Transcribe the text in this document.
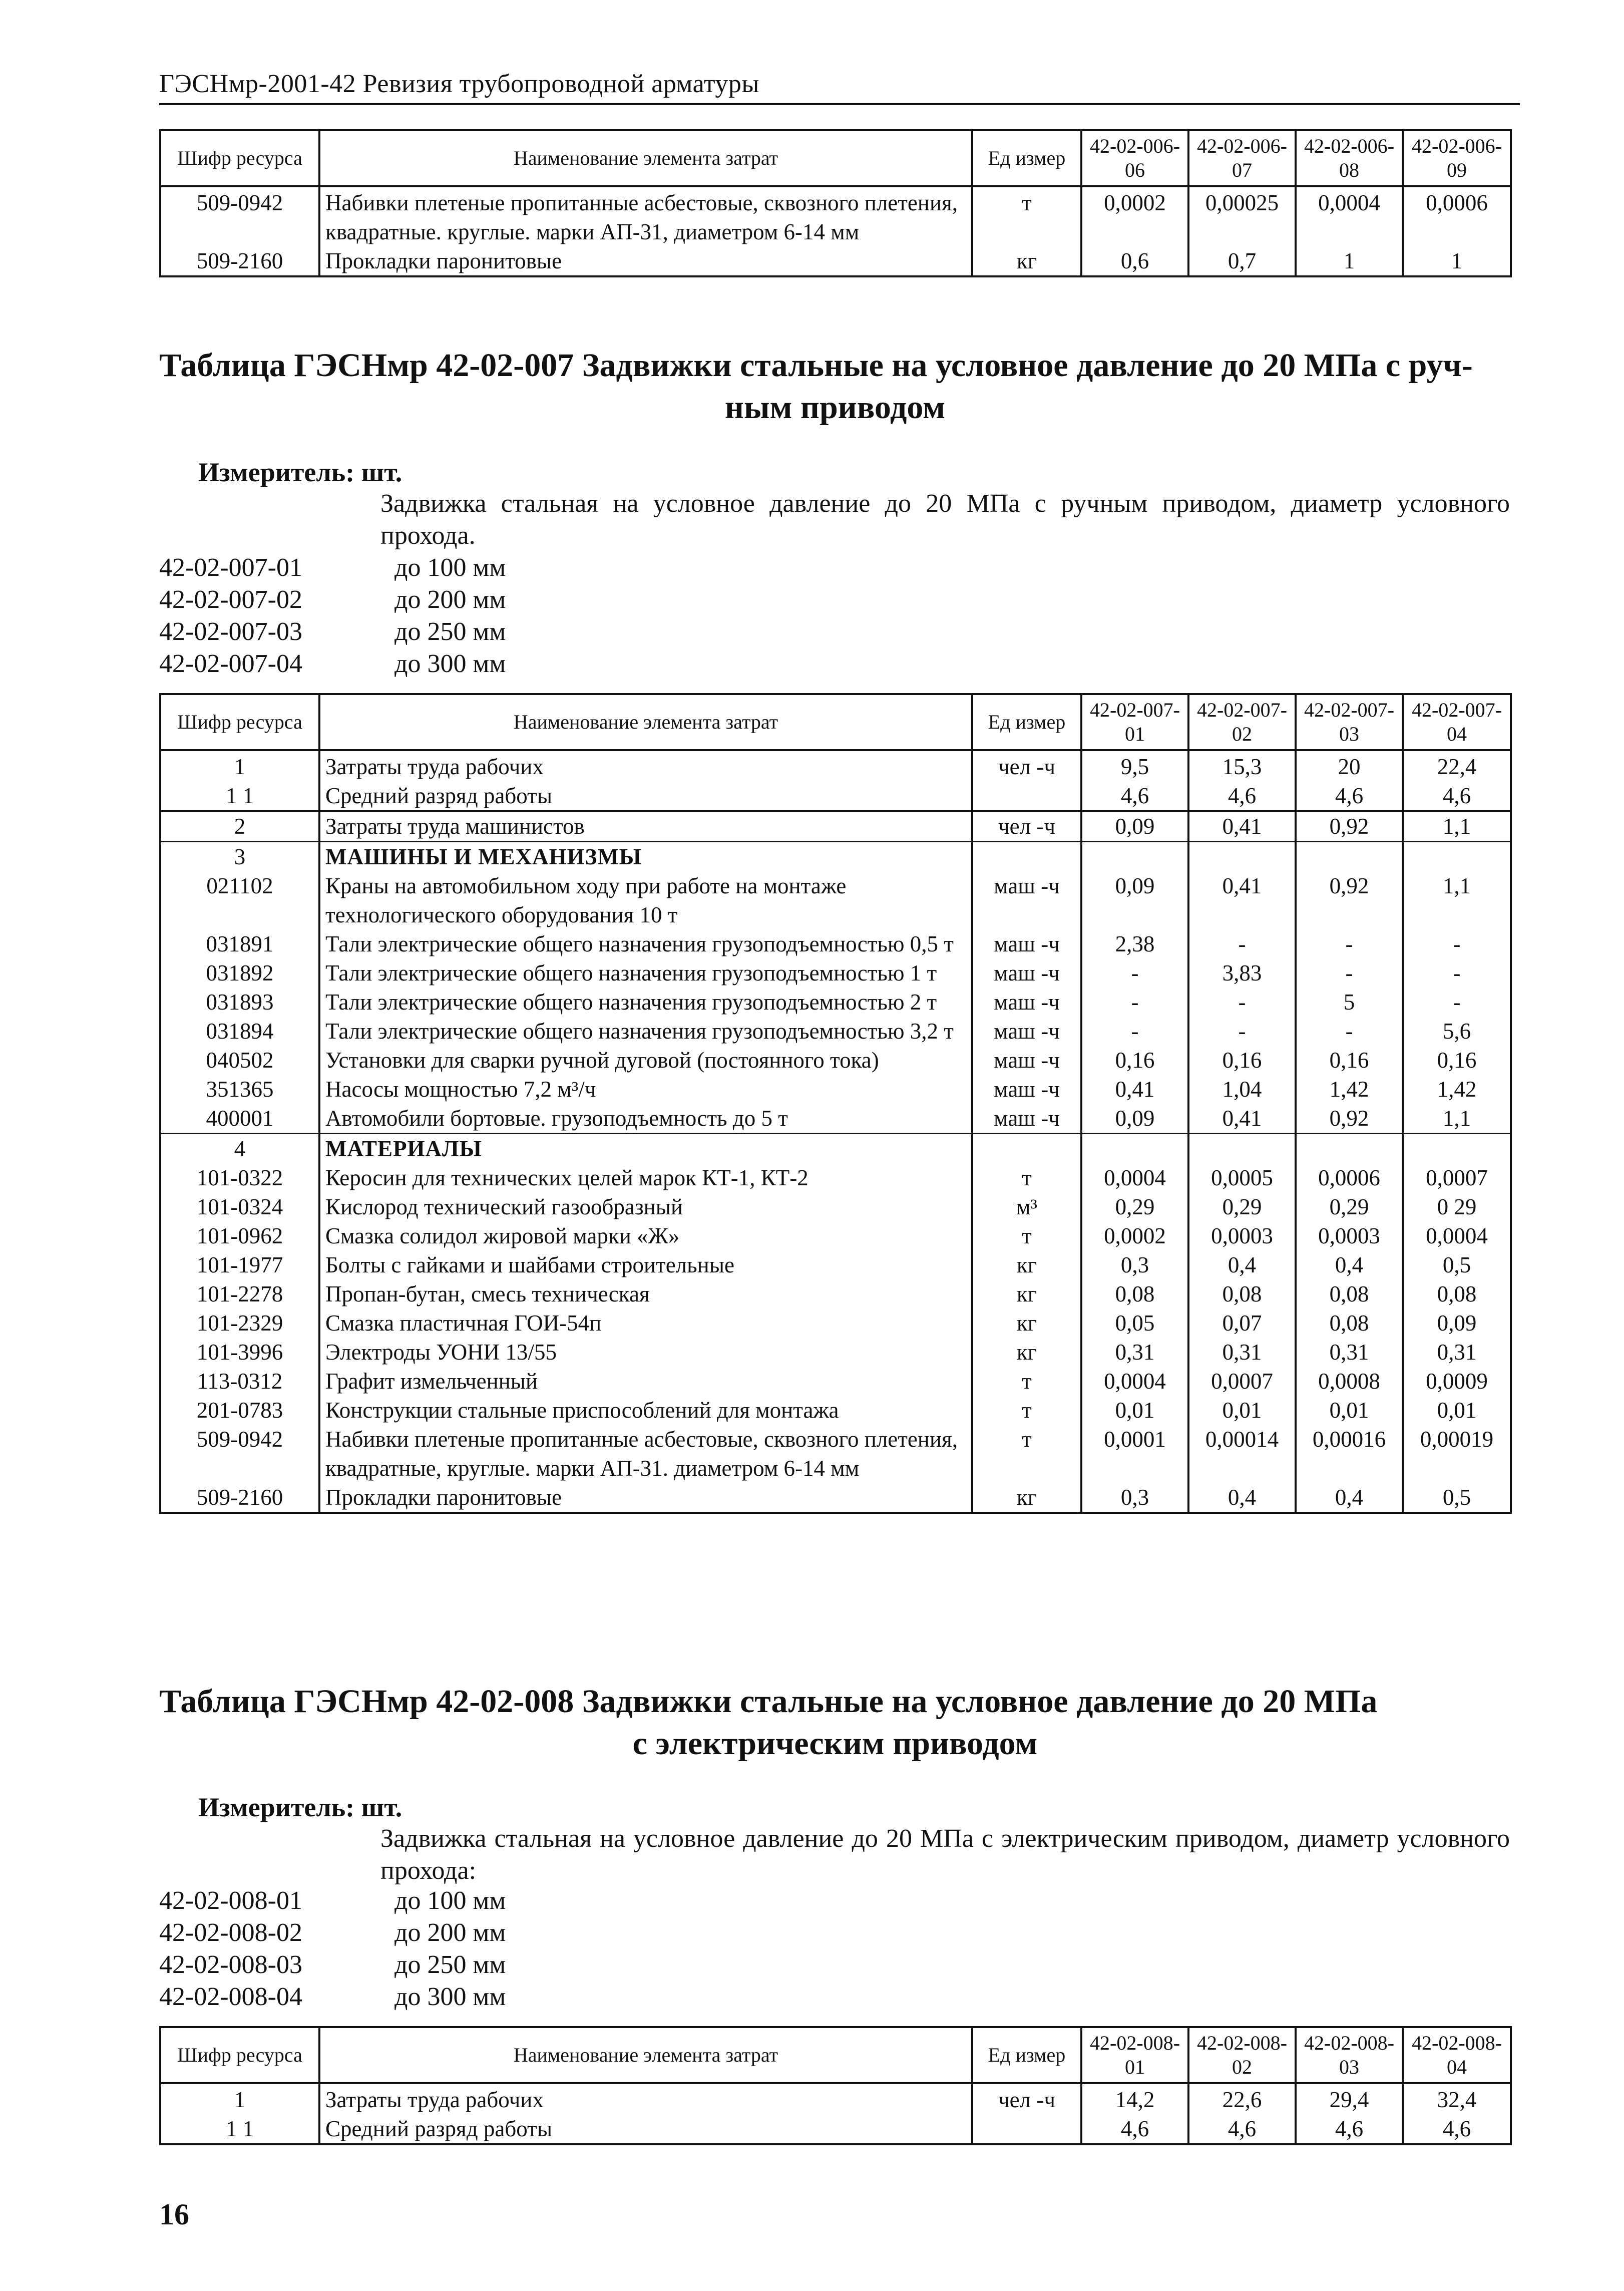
ГЭСНмр-2001-42 Ревизия трубопроводной арматуры
Шифр ресурса	Наименование элемента затрат	Ед измер	42-02-006-06	42-02-006-07	42-02-006-08	42-02-006-09
509-0942	Набивки плетеные пропитанные асбестовые, сквозного плетения, квадратные. круглые. марки АП-31, диаметром 6-14 мм	т	0,0002	0,00025	0,0004	0,0006
509-2160	Прокладки паронитовые	кг	0,6	0,7	1	1
Таблица ГЭСНмр 42-02-007 Задвижки стальные на условное давление до 20 МПа с руч-
ным приводом
Измеритель: шт.
Задвижка стальная на условное давление до 20 МПа с ручным приводом, диаметр условного прохода.
42-02-007-01	до 100 мм
42-02-007-02	до 200 мм
42-02-007-03	до 250 мм
42-02-007-04	до 300 мм
Шифр ресурса	Наименование элемента затрат	Ед измер	42-02-007-01	42-02-007-02	42-02-007-03	42-02-007-04
1	Затраты труда рабочих	чел -ч	9,5	15,3	20	22,4
1 1	Средний разряд работы		4,6	4,6	4,6	4,6
2	Затраты труда машинистов	чел -ч	0,09	0,41	0,92	1,1
3	МАШИНЫ И МЕХАНИЗМЫ					
021102	Краны на автомобильном ходу при работе на монтаже технологического оборудования 10 т	маш -ч	0,09	0,41	0,92	1,1
031891	Тали электрические общего назначения грузоподъемностью 0,5 т	маш -ч	2,38	-	-	-
031892	Тали электрические общего назначения грузоподъемностью 1 т	маш -ч	-	3,83	-	-
031893	Тали электрические общего назначения грузоподъемностью 2 т	маш -ч	-	-	5	-
031894	Тали электрические общего назначения грузоподъемностью 3,2 т	маш -ч	-	-	-	5,6
040502	Установки для сварки ручной дуговой (постоянного тока)	маш -ч	0,16	0,16	0,16	0,16
351365	Насосы мощностью 7,2 м³/ч	маш -ч	0,41	1,04	1,42	1,42
400001	Автомобили бортовые. грузоподъемность до 5 т	маш -ч	0,09	0,41	0,92	1,1
4	МАТЕРИАЛЫ					
101-0322	Керосин для технических целей марок КТ-1, КТ-2	т	0,0004	0,0005	0,0006	0,0007
101-0324	Кислород технический газообразный	м³	0,29	0,29	0,29	0 29
101-0962	Смазка солидол жировой марки «Ж»	т	0,0002	0,0003	0,0003	0,0004
101-1977	Болты с гайками и шайбами строительные	кг	0,3	0,4	0,4	0,5
101-2278	Пропан-бутан, смесь техническая	кг	0,08	0,08	0,08	0,08
101-2329	Смазка пластичная ГОИ-54п	кг	0,05	0,07	0,08	0,09
101-3996	Электроды УОНИ 13/55	кг	0,31	0,31	0,31	0,31
113-0312	Графит измельченный	т	0,0004	0,0007	0,0008	0,0009
201-0783	Конструкции стальные приспособлений для монтажа	т	0,01	0,01	0,01	0,01
509-0942	Набивки плетеные пропитанные асбестовые, сквозного плетения, квадратные, круглые. марки АП-31. диаметром 6-14 мм	т	0,0001	0,00014	0,00016	0,00019
509-2160	Прокладки паронитовые	кг	0,3	0,4	0,4	0,5
Таблица ГЭСНмр 42-02-008 Задвижки стальные на условное давление до 20 МПа
с электрическим приводом
Измеритель: шт.
Задвижка стальная на условное давление до 20 МПа с электрическим приводом, диаметр условного прохода:
42-02-008-01	до 100 мм
42-02-008-02	до 200 мм
42-02-008-03	до 250 мм
42-02-008-04	до 300 мм
Шифр ресурса	Наименование элемента затрат	Ед измер	42-02-008-01	42-02-008-02	42-02-008-03	42-02-008-04
1	Затраты труда рабочих	чел -ч	14,2	22,6	29,4	32,4
1 1	Средний разряд работы		4,6	4,6	4,6	4,6
16
